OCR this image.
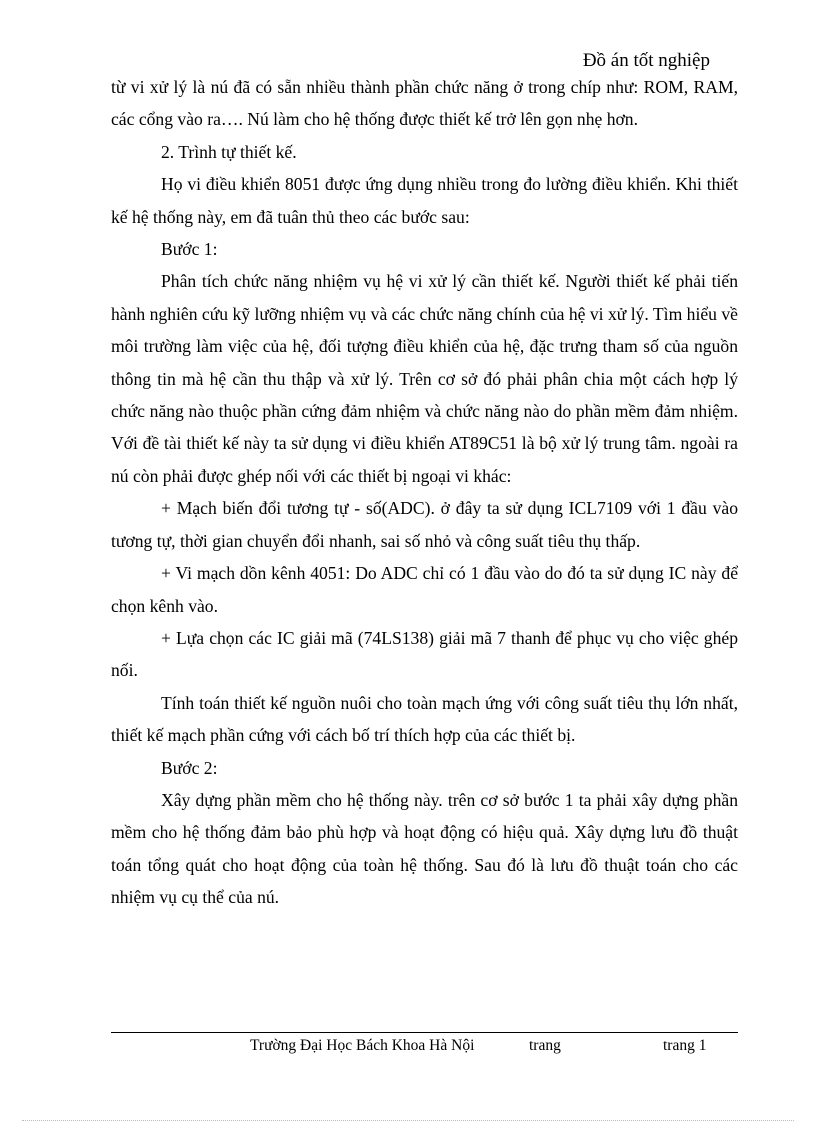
Đồ án tốt nghiệp

từ vi xử lý là nú đã có sẵn nhiều thành phần chức năng ở trong chíp như: ROM, RAM, các cổng vào ra…. Nú làm cho hệ thống được thiết kế trở lên gọn nhẹ hơn.

2. Trình tự thiết kế.

Họ vi điều khiển 8051 được ứng dụng nhiều trong đo lường điều khiển. Khi thiết kế hệ thống này, em đã tuân thủ theo các bước sau:

Bước 1:

Phân tích chức năng nhiệm vụ hệ vi xử lý cần thiết kế. Người thiết kế phải tiến hành nghiên cứu kỹ lưỡng nhiệm vụ và các chức năng chính của hệ vi xử lý. Tìm hiểu về môi trường làm việc của hệ, đối tượng điều khiển của hệ, đặc trưng tham số của nguồn thông tin mà hệ cần thu thập và xử lý. Trên cơ sở đó phải phân chia một cách hợp lý chức năng nào thuộc phần cứng đảm nhiệm và chức năng nào do phần mềm đảm nhiệm. Với đề tài thiết kế này ta sử dụng vi điều khiển AT89C51 là bộ xử lý trung tâm. ngoài ra nú còn phải được ghép nối với các thiết bị ngoại vi khác:

+ Mạch biến đổi tương tự - số(ADC). ở đây ta sử dụng ICL7109 với 1 đầu vào tương tự, thời gian chuyển đổi nhanh, sai số nhỏ và công suất tiêu thụ thấp.

+ Vi mạch dồn kênh 4051: Do ADC chỉ có 1 đầu vào do đó ta sử dụng IC này để chọn kênh vào.

+ Lựa chọn các IC giải mã (74LS138) giải mã 7 thanh để phục vụ cho việc ghép nối.

Tính toán thiết kế nguồn nuôi cho toàn mạch ứng với công suất tiêu thụ lớn nhất, thiết kế mạch phần cứng với cách bố trí thích hợp của các thiết bị.

Bước 2:

Xây dựng phần mềm cho hệ thống này. trên cơ sở bước 1 ta phải xây dựng phần mềm cho hệ thống đảm bảo phù hợp và hoạt động có hiệu quả. Xây dựng lưu đồ thuật toán tổng quát cho hoạt động của toàn hệ thống. Sau đó là lưu đồ thuật toán cho các nhiệm vụ cụ thể của nú.

Trường Đại Học Bách Khoa Hà Nội	trang	trang 1
